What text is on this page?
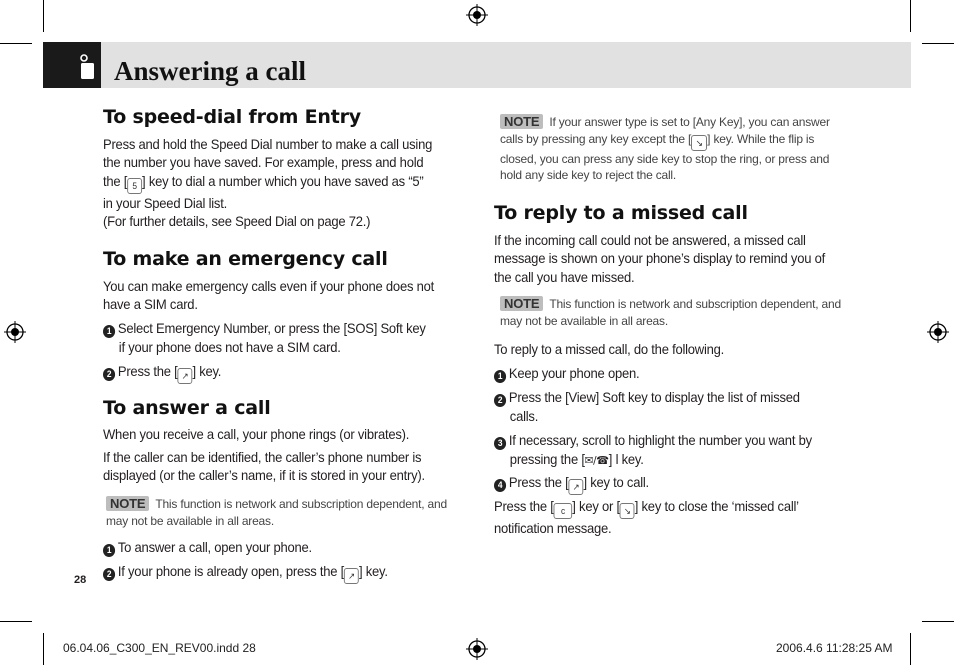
Answering a call
To speed-dial from Entry
Press and hold the Speed Dial number to make a call using
the number you have saved. For example, press and hold
the [ 5 ] key to dial a number which you have saved as “5”
in your Speed Dial list.
(For further details, see Speed Dial on page 72.)
To make an emergency call
You can make emergency calls even if your phone does not
have a SIM card.
1 Select Emergency Number, or press the [SOS] Soft key
if your phone does not have a SIM card.
2 Press the [ ↗ ] key.
To answer a call
When you receive a call, your phone rings (or vibrates).
If the caller can be identified, the caller’s phone number is
displayed (or the caller’s name, if it is stored in your entry).
NOTE This function is network and subscription dependent, and
may not be available in all areas.
1 To answer a call, open your phone.
2 If your phone is already open, press the [ ↗ ] key.
28
NOTE If your answer type is set to [Any Key], you can answer
calls by pressing any key except the [ ↘ ] key. While the flip is
closed, you can press any side key to stop the ring, or press and
hold any side key to reject the call.
To reply to a missed call
If the incoming call could not be answered, a missed call
message is shown on your phone’s display to remind you of
the call you have missed.
NOTE This function is network and subscription dependent, and
may not be available in all areas.
To reply to a missed call, do the following.
1 Keep your phone open.
2 Press the [View] Soft key to display the list of missed
calls.
3 If necessary, scroll to highlight the number you want by
pressing the [✉/☎] l key.
4 Press the [ ↗ ] key to call.
Press the [ c ] key or [ ↘ ] key to close the ‘missed call’
notification message.
06.04.06_C300_EN_REV00.indd 28	2006.4.6 11:28:25 AM
